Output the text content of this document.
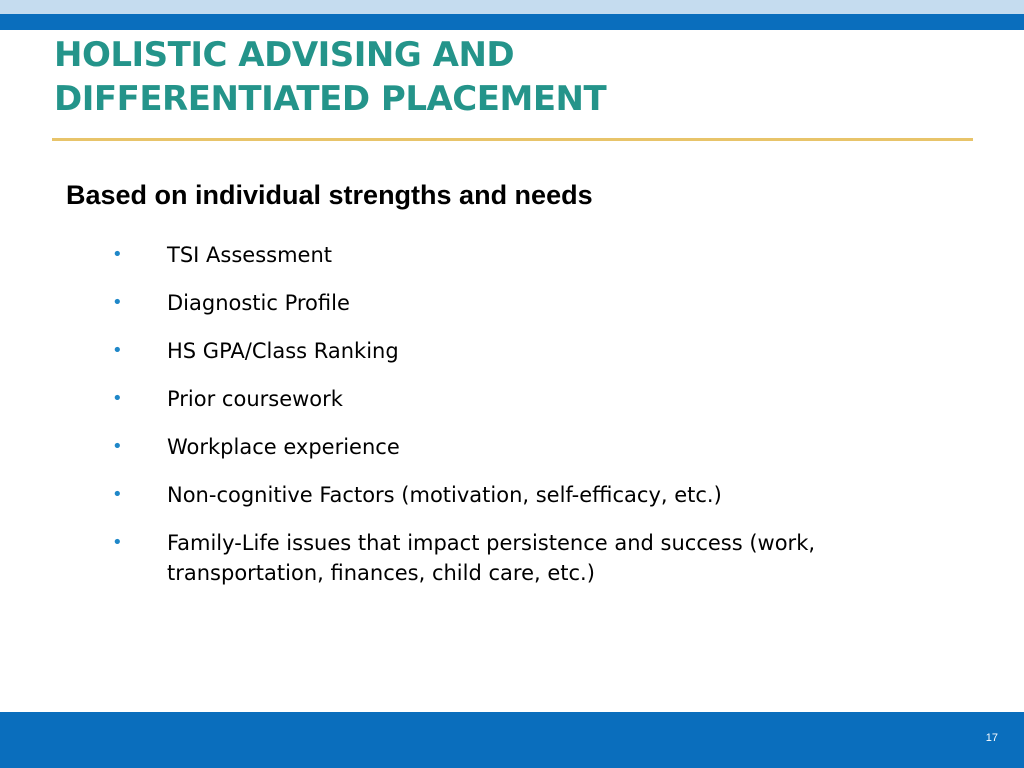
HOLISTIC ADVISING AND
DIFFERENTIATED PLACEMENT
Based on individual strengths and needs
• TSI Assessment
• Diagnostic Profile
• HS GPA/Class Ranking
• Prior coursework
• Workplace experience
• Non-cognitive Factors (motivation, self-efficacy, etc.)
• Family-Life issues that impact persistence and success (work, transportation, finances, child care, etc.)
17
